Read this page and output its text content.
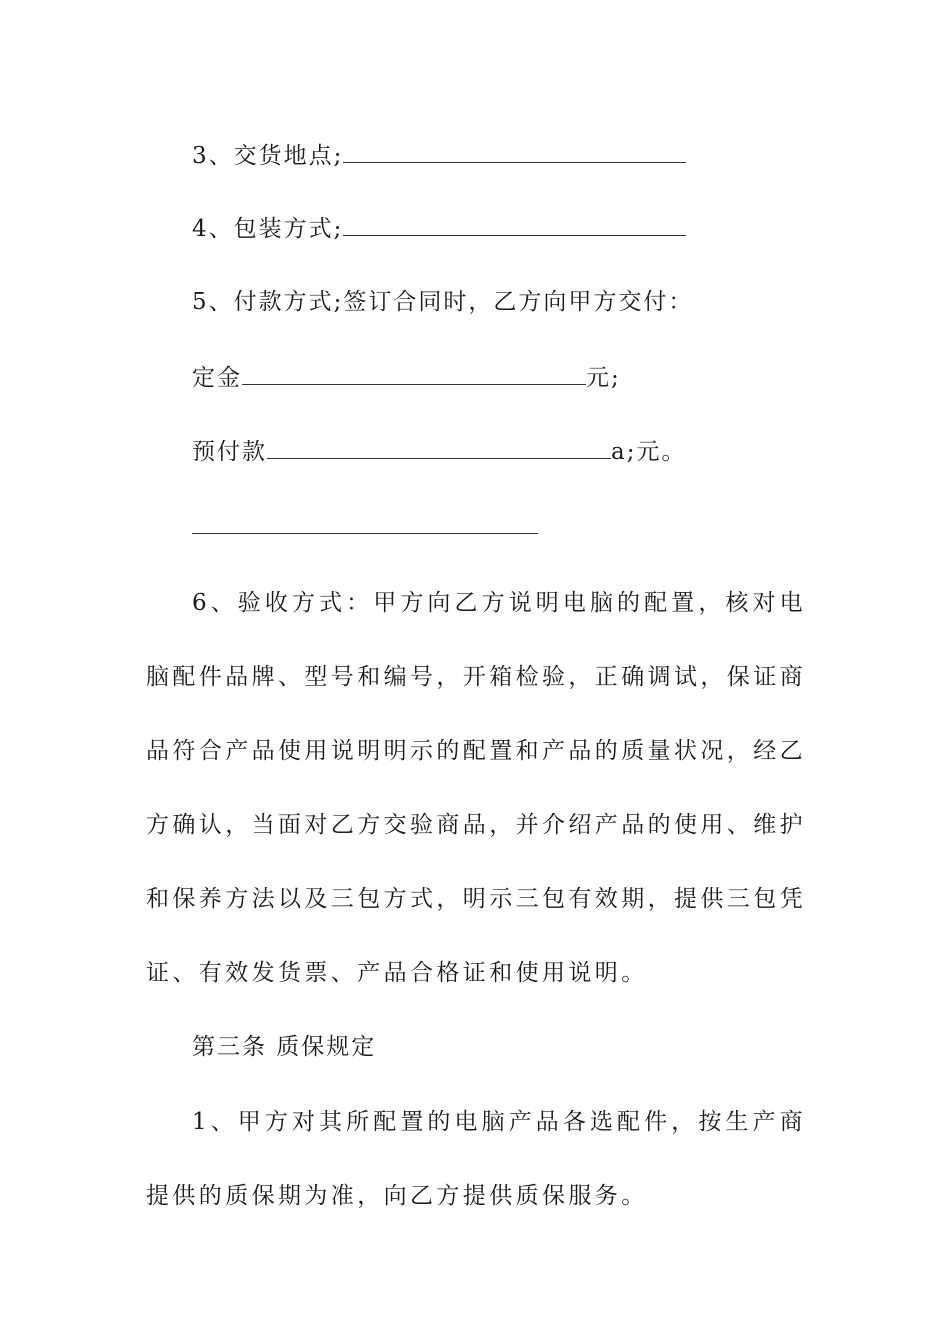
3、交货地点;
4、包装方式;
5、付款方式;签订合同时，乙方向甲方交付：
定金	元;
预付款	a;元。
6、验收方式：甲方向乙方说明电脑的配置，核对电脑配件品牌、型号和编号，开箱检验，正确调试，保证商品符合产品使用说明明示的配置和产品的质量状况，经乙方确认，当面对乙方交验商品，并介绍产品的使用、维护和保养方法以及三包方式，明示三包有效期，提供三包凭证、有效发货票、产品合格证和使用说明。
第三条 质保规定
1、甲方对其所配置的电脑产品各选配件，按生产商提供的质保期为准，向乙方提供质保服务。
